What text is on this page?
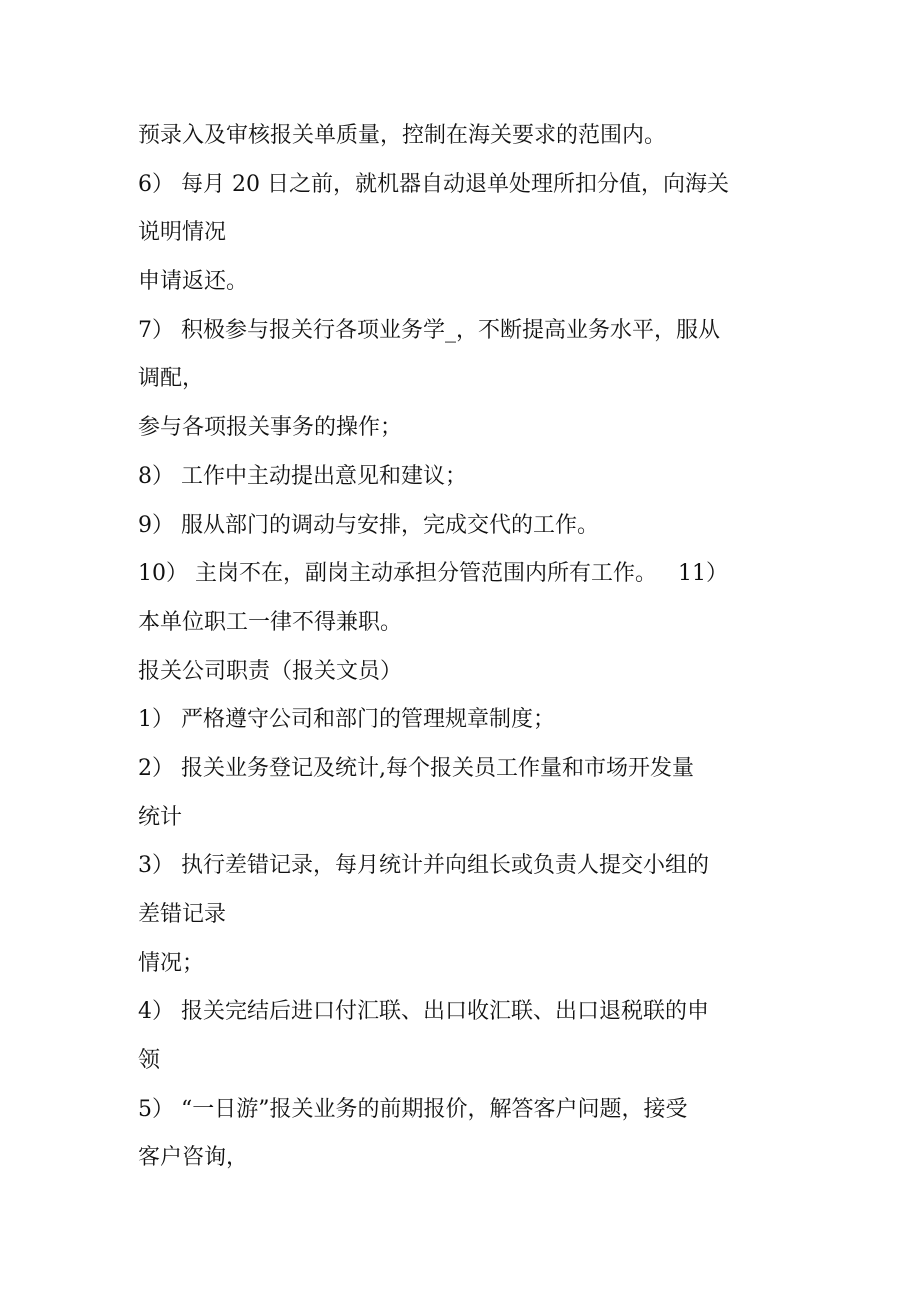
预录入及审核报关单质量，控制在海关要求的范围内。
6） 每月 20 日之前，就机器自动退单处理所扣分值，向海关
说明情况
申请返还。
7） 积极参与报关行各项业务学_，不断提高业务水平，服从
调配，
参与各项报关事务的操作；
8） 工作中主动提出意见和建议；
9） 服从部门的调动与安排，完成交代的工作。
10） 主岗不在，副岗主动承担分管范围内所有工作。   11）
本单位职工一律不得兼职。
报关公司职责（报关文员）
1） 严格遵守公司和部门的管理规章制度；
2） 报关业务登记及统计,每个报关员工作量和市场开发量
统计
3） 执行差错记录，每月统计并向组长或负责人提交小组的
差错记录
情况；
4） 报关完结后进口付汇联、出口收汇联、出口退税联的申
领
5） “一日游”报关业务的前期报价，解答客户问题，接受
客户咨询，
